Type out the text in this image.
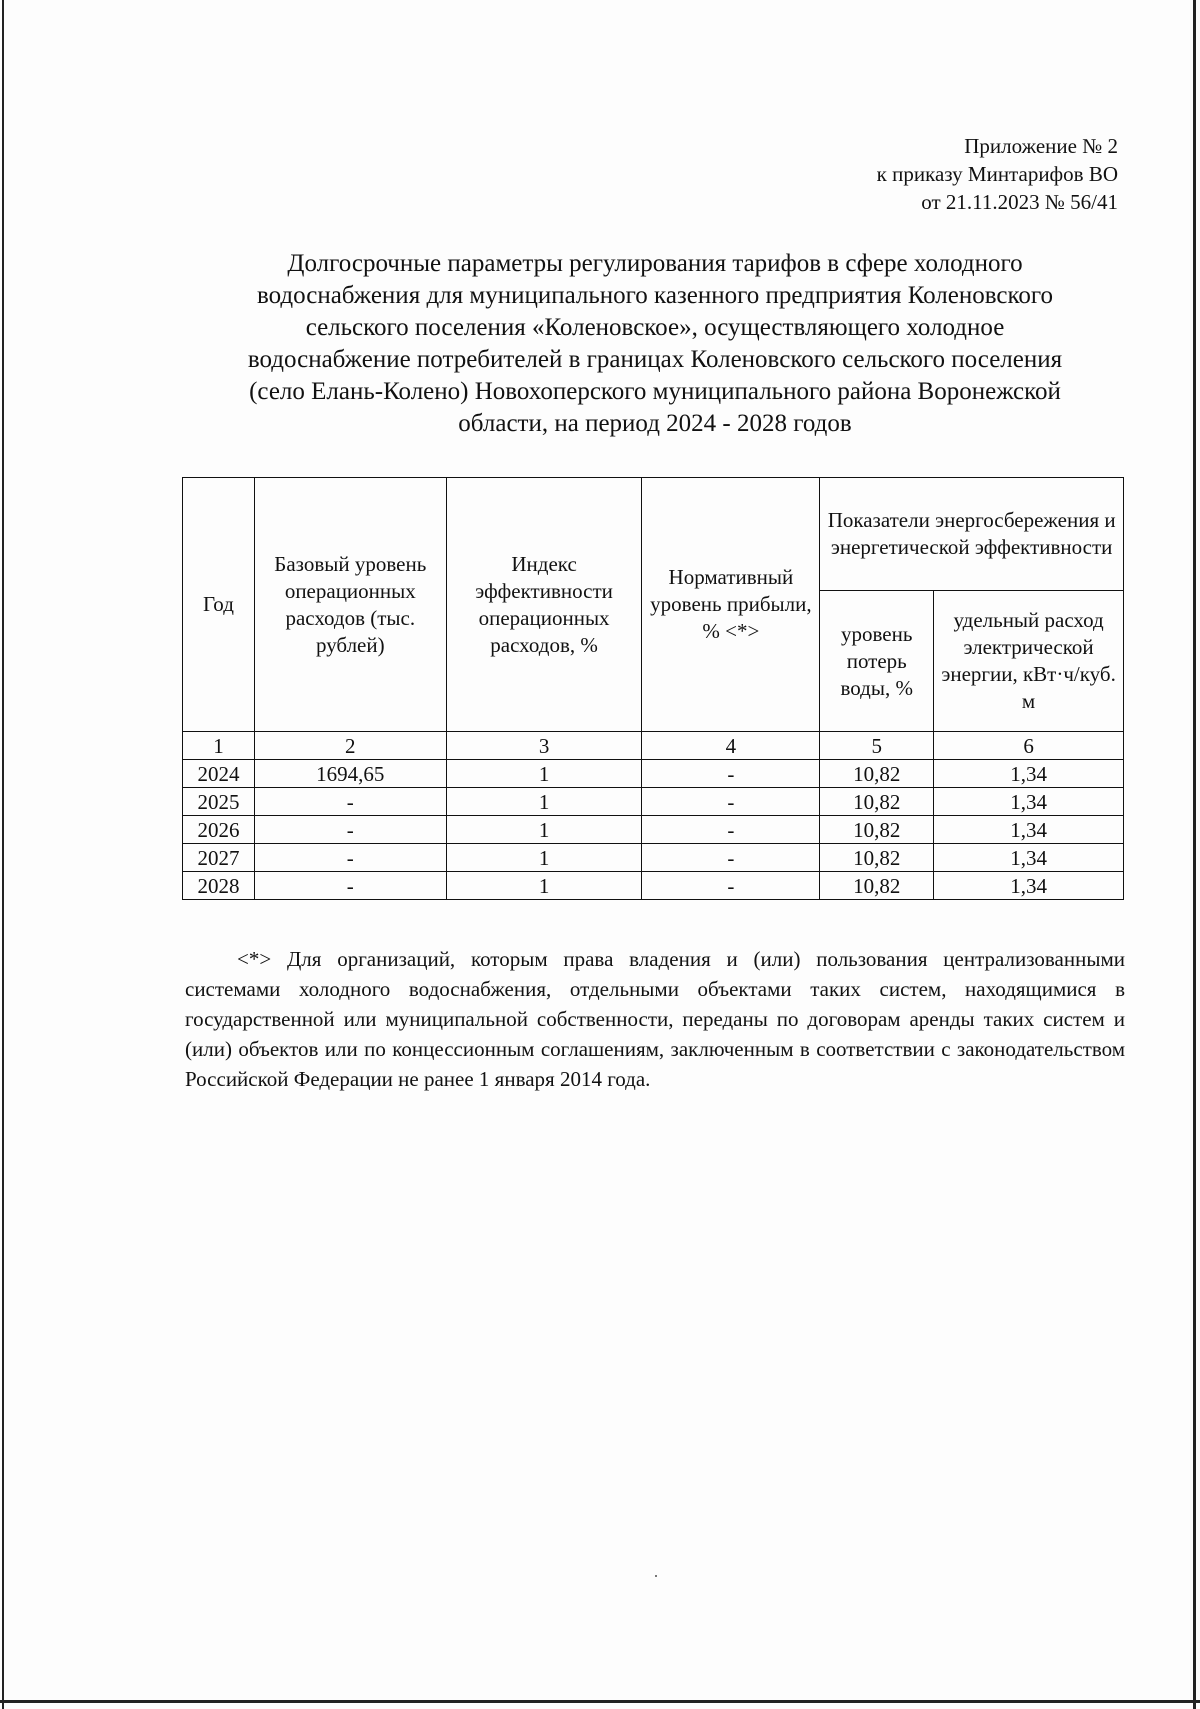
Приложение № 2
к приказу Минтарифов ВО
от 21.11.2023 № 56/41
Долгосрочные параметры регулирования тарифов в сфере холодного
водоснабжения для муниципального казенного предприятия Коленовского
сельского поселения «Коленовское», осуществляющего холодное
водоснабжение потребителей в границах Коленовского сельского поселения
(село Елань-Колено) Новохоперского муниципального района Воронежской
области, на период 2024 - 2028 годов
Год	Базовый уровень операционных расходов (тыс. рублей)	Индекс эффективности операционных расходов, %	Нормативный уровень прибыли, % <*>	Показатели энергосбережения и энергетической эффективности	
				уровень потерь воды, %	удельный расход электрической энергии, кВт·ч/куб. м
1	2	3	4	5	6
2024	1694,65	1	-	10,82	1,34
2025	-	1	-	10,82	1,34
2026	-	1	-	10,82	1,34
2027	-	1	-	10,82	1,34
2028	-	1	-	10,82	1,34
<*> Для организаций, которым права владения и (или) пользования централизованными системами холодного водоснабжения, отдельными объектами таких систем, находящимися в государственной или муниципальной собственности, переданы по договорам аренды таких систем и (или) объектов или по концессионным соглашениям, заключенным в соответствии с законодательством Российской Федерации не ранее 1 января 2014 года.
